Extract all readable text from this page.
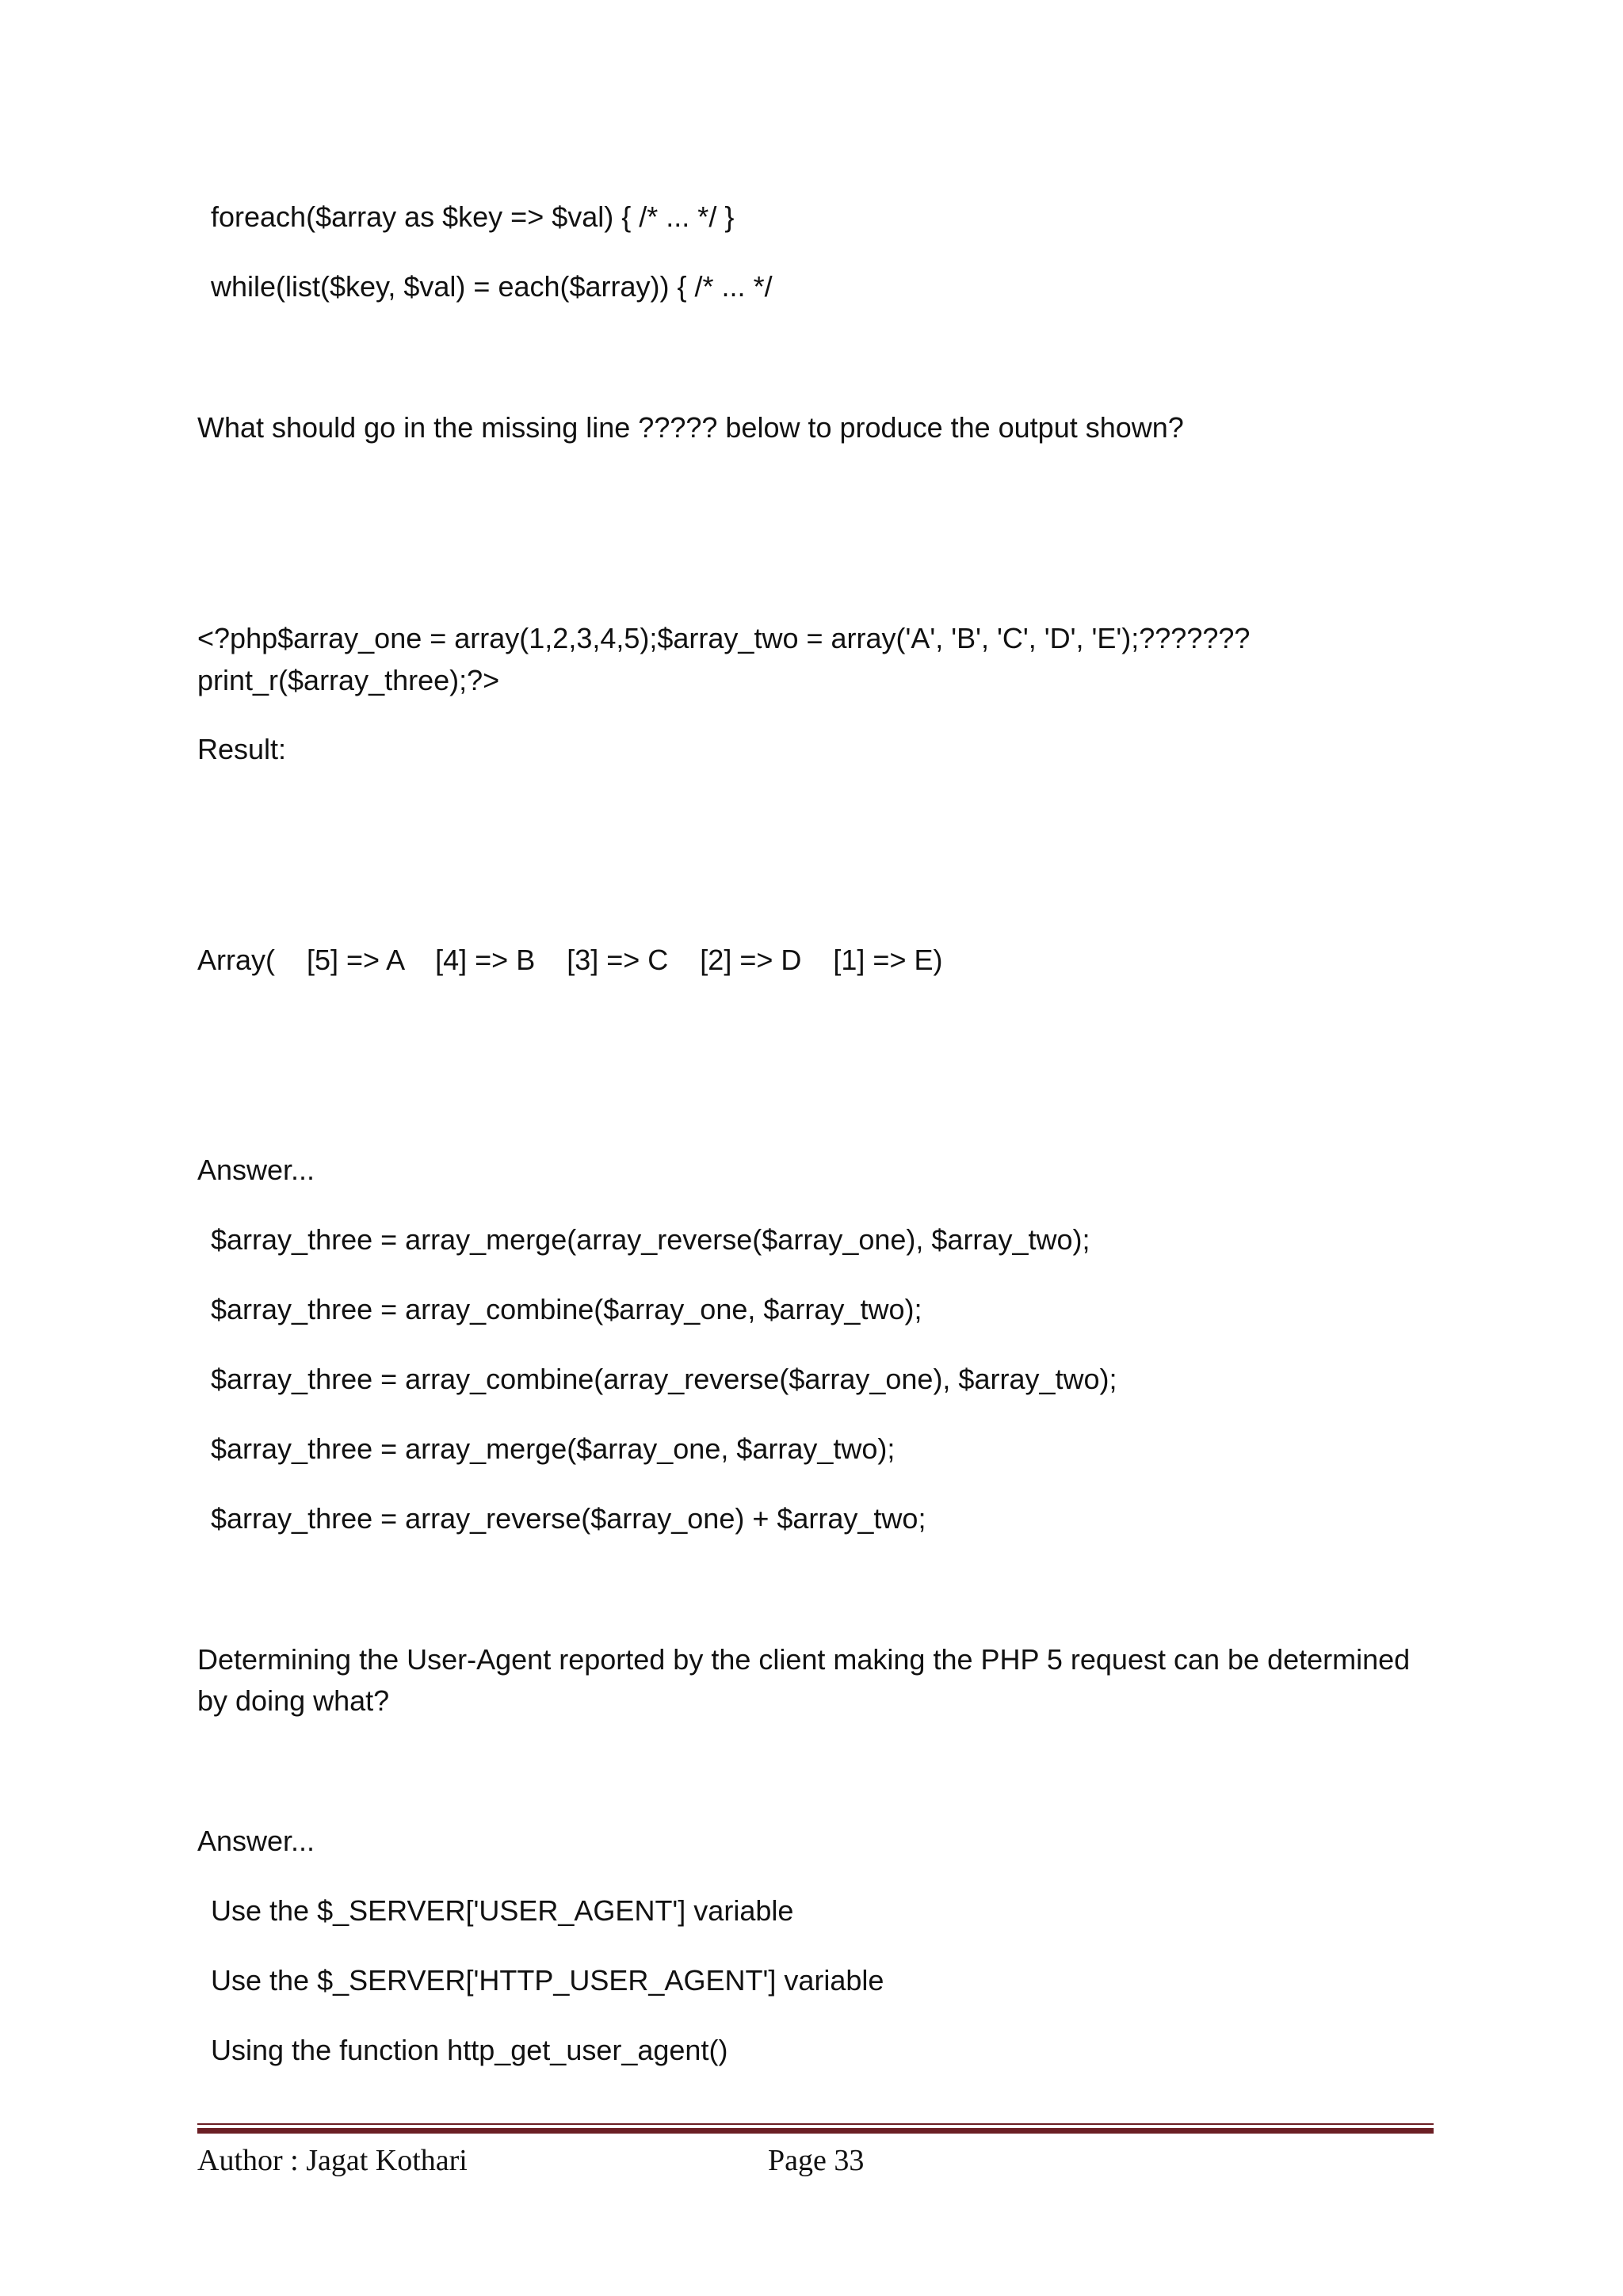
foreach($array as $key => $val) { /* ... */ }
while(list($key, $val) = each($array)) { /* ... */
What should go in the missing line ????? below to produce the output shown?
<?php$array_one = array(1,2,3,4,5);$array_two = array('A', 'B', 'C', 'D', 'E');???????
print_r($array_three);?>
Result:
Array(    [5] => A    [4] => B    [3] => C    [2] => D    [1] => E)
Answer...
$array_three = array_merge(array_reverse($array_one), $array_two);
$array_three = array_combine($array_one, $array_two);
$array_three = array_combine(array_reverse($array_one), $array_two);
$array_three = array_merge($array_one, $array_two);
$array_three = array_reverse($array_one) + $array_two;
Determining the User-Agent reported by the client making the PHP 5 request can be determined by doing what?
Answer...
Use the $_SERVER['USER_AGENT'] variable
Use the $_SERVER['HTTP_USER_AGENT'] variable
Using the function http_get_user_agent()
Author : Jagat Kothari	Page 33
